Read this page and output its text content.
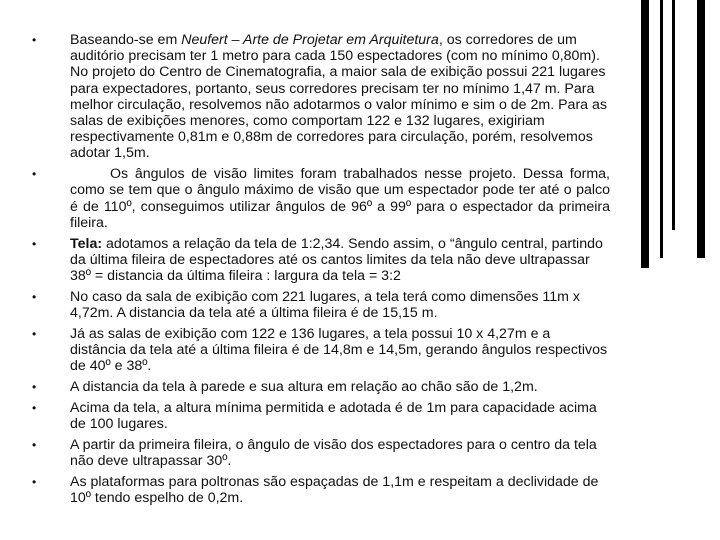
• Baseando-se em Neufert – Arte de Projetar em Arquitetura, os corredores de um auditório precisam ter 1 metro para cada 150 espectadores (com no mínimo 0,80m). No projeto do Centro de Cinematografia, a maior sala de exibição possui 221 lugares para expectadores, portanto, seus corredores precisam ter no mínimo 1,47 m. Para melhor circulação, resolvemos não adotarmos o valor mínimo e sim o de 2m. Para as salas de exibições menores, como comportam 122 e 132 lugares, exigiriam respectivamente 0,81m e 0,88m de corredores para circulação, porém, resolvemos adotar 1,5m.
• Os ângulos de visão limites foram trabalhados nesse projeto. Dessa forma, como se tem que o ângulo máximo de visão que um espectador pode ter até o palco é de 110º, conseguimos utilizar ângulos de 96º a 99º para o espectador da primeira fileira.
• Tela: adotamos a relação da tela de 1:2,34. Sendo assim, o “ângulo central, partindo da última fileira de espectadores até os cantos limites da tela não deve ultrapassar 38º = distancia da última fileira : largura da tela = 3:2
• No caso da sala de exibição com 221 lugares, a tela terá como dimensões 11m x 4,72m. A distancia da tela até a última fileira é de 15,15 m.
• Já as salas de exibição com 122 e 136 lugares, a tela possui 10 x 4,27m e a distância da tela até a última fileira é de 14,8m e 14,5m, gerando ângulos respectivos de 40º e 38º.
• A distancia da tela à parede e sua altura em relação ao chão são de 1,2m.
• Acima da tela, a altura mínima permitida e adotada é de 1m para capacidade acima de 100 lugares.
• A partir da primeira fileira, o ângulo de visão dos espectadores para o centro da tela não deve ultrapassar 30º.
• As plataformas para poltronas são espaçadas de 1,1m e respeitam a declividade de 10º tendo espelho de 0,2m.
